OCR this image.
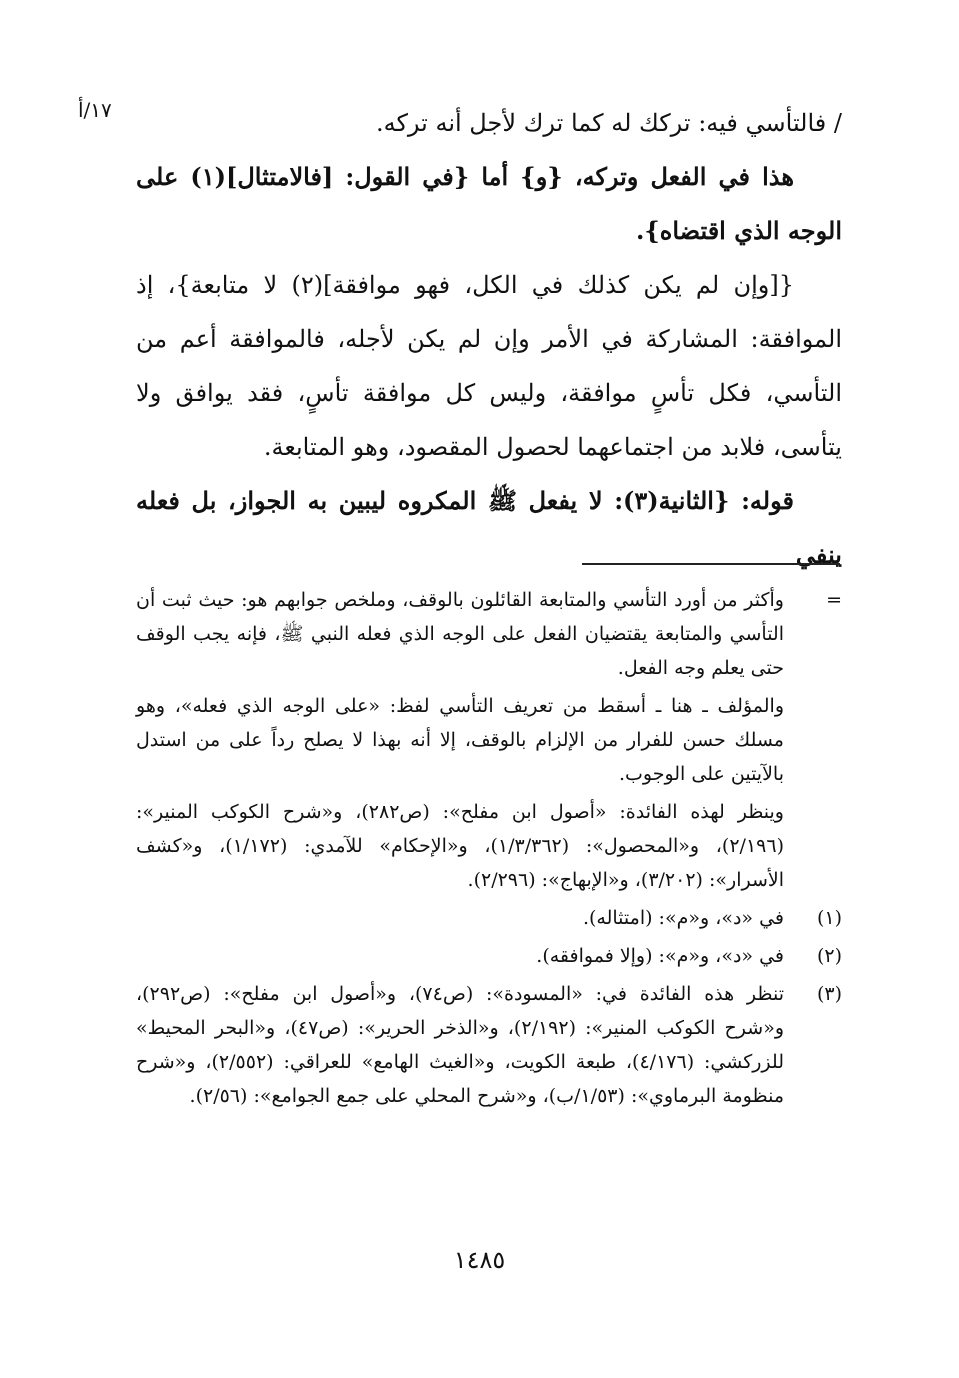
١٧/أ	/ فالتأسي فيه: تركك له كما ترك لأجل أنه تركه.

هذا في الفعل وتركه، {و} أما {في القول: [فالامتثال](١) على الوجه الذي اقتضاه}.

{[وإن لم يكن كذلك في الكل، فهو موافقة](٢) لا متابعة}، إذ الموافقة: المشاركة في الأمر وإن لم يكن لأجله، فالموافقة أعم من التأسي، فكل تأسٍ موافقة، وليس كل موافقة تأسٍ، فقد يوافق ولا يتأسى، فلابد من اجتماعهما لحصول المقصود، وهو المتابعة.

قوله: {الثانية(٣): لا يفعل ﷺ المكروه ليبين به الجواز، بل فعله ينفي

=
وأكثر من أورد التأسي والمتابعة القائلون بالوقف، وملخص جوابهم هو: حيث ثبت أن التأسي والمتابعة يقتضيان الفعل على الوجه الذي فعله النبي ﷺ، فإنه يجب الوقف حتى يعلم وجه الفعل.

والمؤلف ـ هنا ـ أسقط من تعريف التأسي لفظ: «على الوجه الذي فعله»، وهو مسلك حسن للفرار من الإلزام بالوقف، إلا أنه بهذا لا يصلح رداً على من استدل بالآيتين على الوجوب.

وينظر لهذه الفائدة: «أصول ابن مفلح»: (ص٢٨٢)، و«شرح الكوكب المنير»: (٢/١٩٦)، و«المحصول»: (١/٣/٣٦٢)، و«الإحكام» للآمدي: (١/١٧٢)، و«كشف الأسرار»: (٣/٢٠٢)، و«الإبهاج»: (٢/٢٩٦).

(١)
في «د»، و«م»: (امتثاله).

(٢)
في «د»، و«م»: (وإلا فموافقه).

(٣)
تنظر هذه الفائدة في: «المسودة»: (ص٧٤)، و«أصول ابن مفلح»: (ص٢٩٢)، و«شرح الكوكب المنير»: (٢/١٩٢)، و«الذخر الحرير»: (ص٤٧)، و«البحر المحيط» للزركشي: (٤/١٧٦)، طبعة الكويت، و«الغيث الهامع» للعراقي: (٢/٥٥٢)، و«شرح منظومة البرماوي»: (١/٥٣/ب)، و«شرح المحلي على جمع الجوامع»: (٢/٥٦).

١٤٨٥
